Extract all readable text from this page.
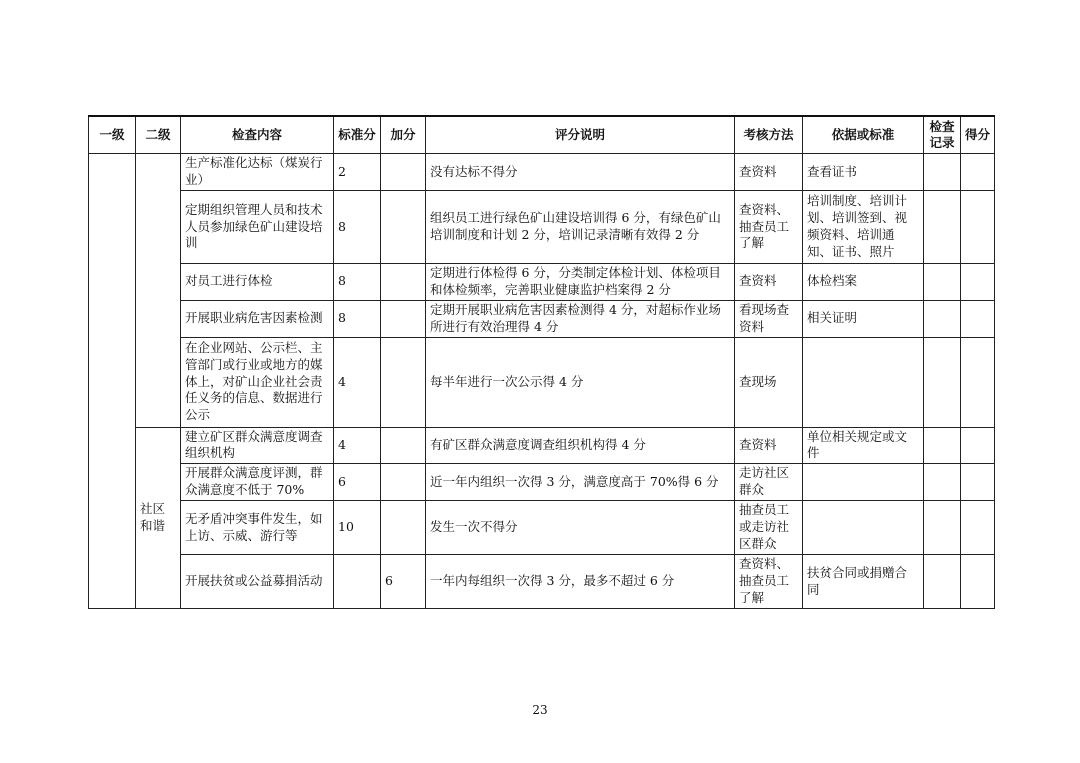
一级	二级	检查内容	标准分	加分	评分说明	考核方法	依据或标准	检查记录	得分
		生产标准化达标（煤炭行业）	2		没有达标不得分	查资料	查看证书		
		定期组织管理人员和技术人员参加绿色矿山建设培训	8		组织员工进行绿色矿山建设培训得 6 分，有绿色矿山培训制度和计划 2 分，培训记录清晰有效得 2 分	查资料、抽查员工了解	培训制度、培训计划、培训签到、视频资料、培训通知、证书、照片		
		对员工进行体检	8		定期进行体检得 6 分，分类制定体检计划、体检项目和体检频率，完善职业健康监护档案得 2 分	查资料	体检档案		
		开展职业病危害因素检测	8		定期开展职业病危害因素检测得 4 分，对超标作业场所进行有效治理得 4 分	看现场查资料	相关证明		
		在企业网站、公示栏、主管部门或行业或地方的媒体上，对矿山企业社会责任义务的信息、数据进行公示	4		每半年进行一次公示得 4 分	查现场			
	社区和谐	建立矿区群众满意度调查组织机构	4		有矿区群众满意度调查组织机构得 4 分	查资料	单位相关规定或文件		
		开展群众满意度评测，群众满意度不低于 70%	6		近一年内组织一次得 3 分，满意度高于 70%得 6 分	走访社区群众			
		无矛盾冲突事件发生，如上访、示威、游行等	10		发生一次不得分	抽查员工或走访社区群众			
		开展扶贫或公益募捐活动		6	一年内每组织一次得 3 分，最多不超过 6 分	查资料、抽查员工了解	扶贫合同或捐赠合同		
23
